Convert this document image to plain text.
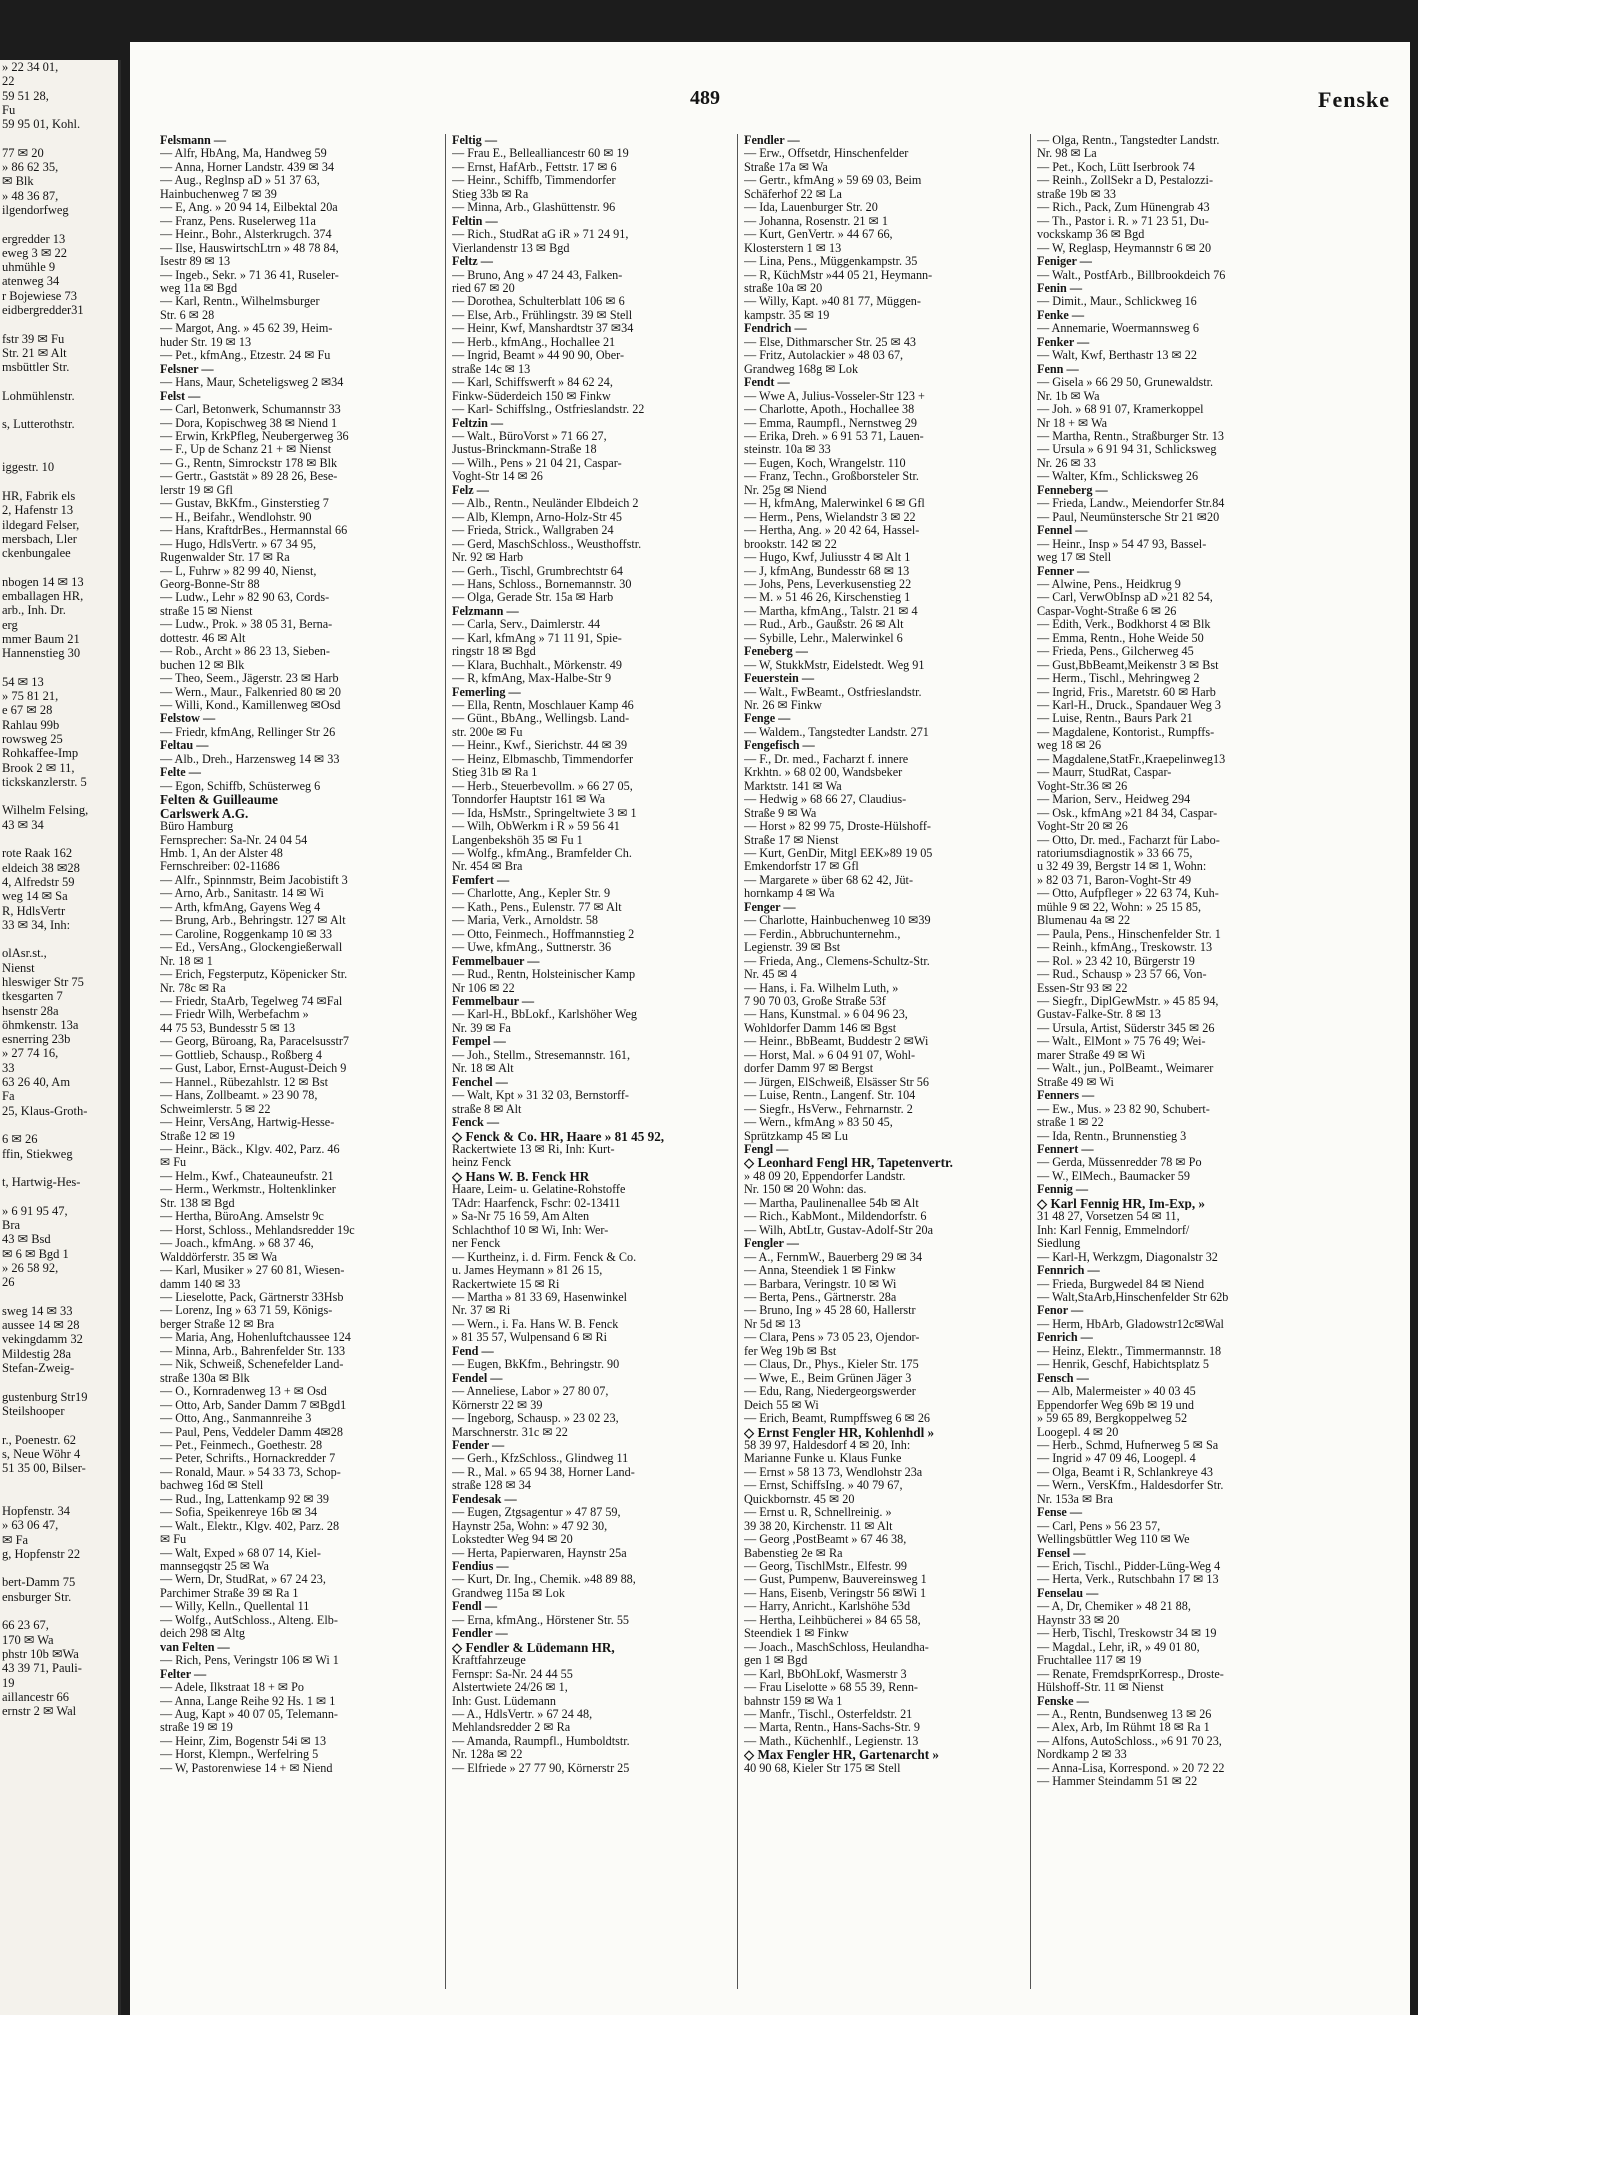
» 22 34 01,
22
59 51 28,
Fu
59 95 01, Kohl.

77 ✉ 20
» 86 62 35,
✉ Blk
» 48 36 87,
ilgendorfweg

ergredder 13
eweg 3 ✉ 22
uhmühle 9
atenweg 34
r Bojewiese 73
eidbergredder31

fstr 39 ✉ Fu
Str. 21 ✉ Alt
msbüttler Str.

Lohmühlenstr.

s, Lutterothstr.

iggestr. 10

HR, Fabrik els
2, Hafenstr 13
ildegard Felser,
mersbach, Ller
ckenbungalee

nbogen 14 ✉ 13
emballagen HR,
arb., Inh. Dr.
erg
mmer Baum 21
Hannenstieg 30

54 ✉ 13
» 75 81 21,
e 67 ✉ 28
Rahlau 99b
rowsweg 25
Rohkaffee-Imp
Brook 2 ✉ 11,
tickskanzlerstr. 5

Wilhelm Felsing,
43 ✉ 34

rote Raak 162
eldeich 38 ✉28
4, Alfredstr 59
weg 14 ✉ Sa
R, HdlsVertr
33 ✉ 34, Inh:

olAsr.st.,
Nienst
hleswiger Str 75
tkesgarten 7
hsenstr 28a
öhmkenstr. 13a
esnerring 23b
» 27 74 16,
33
63 26 40, Am
Fa
25, Klaus-Groth-

6 ✉ 26
ffin, Stiekweg

t, Hartwig-Hes-

» 6 91 95 47,
Bra
43 ✉ Bsd
✉ 6 ✉ Bgd 1
» 26 58 92,
26

sweg 14 ✉ 33
aussee 14 ✉ 28
vekingdamm 32
Mildestig 28a
Stefan-Zweig-

gustenburg Str19
Steilshooper

r., Poenestr. 62
s, Neue Wöhr 4
51 35 00, Bilser-

Hopfenstr. 34
» 63 06 47,
✉ Fa
g, Hopfenstr 22

bert-Damm 75
ensburger Str.

66 23 67,
170 ✉ Wa
phstr 10b ✉Wa
43 39 71, Pauli-
19
aillancestr 66
ernstr 2 ✉ Wal
489	Fenske
Felsmann —
— Alfr, HbAng, Ma, Handweg 59
— Anna, Horner Landstr. 439 ✉ 34
— Aug., Reglnsp aD » 51 37 63,
Hainbuchenweg 7 ✉ 39
— E, Ang. » 20 94 14, Eilbektal 20a
— Franz, Pens. Ruselerweg 11a
— Heinr., Bohr., Alsterkrugch. 374
— Ilse, HauswirtschLtrn » 48 78 84,
Isestr 89 ✉ 13
— Ingeb., Sekr. » 71 36 41, Ruseler-
weg 11a ✉ Bgd
— Karl, Rentn., Wilhelmsburger
Str. 6 ✉ 28
— Margot, Ang. » 45 62 39, Heim-
huder Str. 19 ✉ 13
— Pet., kfmAng., Etzestr. 24 ✉ Fu
Felsner —
— Hans, Maur, Scheteligsweg 2 ✉34
Felst —
— Carl, Betonwerk, Schumannstr 33
— Dora, Kopischweg 38 ✉ Niend 1
— Erwin, KrkPfleg, Neubergerweg 36
— F., Up de Schanz 21 + ✉ Nienst
— G., Rentn, Simrockstr 178 ✉ Blk
— Gertr., Gaststät » 89 28 26, Bese-
lerstr 19 ✉ Gfl
— Gustav, BkKfm., Ginsterstieg 7
— H., Beifahr., Wendlohstr. 90
— Hans, KraftdrBes., Hermannstal 66
— Hugo, HdlsVertr. » 67 34 95,
Rugenwalder Str. 17 ✉ Ra
— L, Fuhrw » 82 99 40, Nienst,
Georg-Bonne-Str 88
— Ludw., Lehr » 82 90 63, Cords-
straße 15 ✉ Nienst
— Ludw., Prok. » 38 05 31, Berna-
dottestr. 46 ✉ Alt
— Rob., Archt » 86 23 13, Sieben-
buchen 12 ✉ Blk
— Theo, Seem., Jägerstr. 23 ✉ Harb
— Wern., Maur., Falkenried 80 ✉ 20
— Willi, Kond., Kamillenweg ✉Osd
Felstow —
— Friedr, kfmAng, Rellinger Str 26
Feltau —
— Alb., Dreh., Harzensweg 14 ✉ 33
Felte —
— Egon, Schiffb, Schüsterweg 6
Felten & Guilleaume
Carlswerk A.G.
Büro Hamburg
Fernsprecher: Sa-Nr. 24 04 54
Hmb. 1, An der Alster 48
Fernschreiber: 02-11686
— Alfr., Spinnmstr, Beim Jacobistift 3
— Arno, Arb., Sanitastr. 14 ✉ Wi
— Arth, kfmAng, Gayens Weg 4
— Brung, Arb., Behringstr. 127 ✉ Alt
— Caroline, Roggenkamp 10 ✉ 33
— Ed., VersAng., Glockengießerwall
Nr. 18 ✉ 1
— Erich, Fegsterputz, Köpenicker Str.
Nr. 78c ✉ Ra
— Friedr, StaArb, Tegelweg 74 ✉Fal
— Friedr Wilh, Werbefachm »
44 75 53, Bundesstr 5 ✉ 13
— Georg, Büroang, Ra, Paracelsusstr7
— Gottlieb, Schausp., Roßberg 4
— Gust, Labor, Ernst-August-Deich 9
— Hannel., Rübezahlstr. 12 ✉ Bst
— Hans, Zollbeamt. » 23 90 78,
Schweimlerstr. 5 ✉ 22
— Heinr, VersAng, Hartwig-Hesse-
Straße 12 ✉ 19
— Heinr., Bäck., Klgv. 402, Parz. 46
✉ Fu
— Helm., Kwf., Chateauneufstr. 21
— Herm., Werkmstr., Holtenklinker
Str. 138 ✉ Bgd
— Hertha, BüroAng. Amselstr 9c
— Horst, Schloss., Mehlandsredder 19c
— Joach., kfmAng. » 68 37 46,
Walddörferstr. 35 ✉ Wa
— Karl, Musiker » 27 60 81, Wiesen-
damm 140 ✉ 33
— Lieselotte, Pack, Gärtnerstr 33Hsb
— Lorenz, Ing » 63 71 59, Königs-
berger Straße 12 ✉ Bra
— Maria, Ang, Hohenluftchaussee 124
— Minna, Arb., Bahrenfelder Str. 133
— Nik, Schweiß, Schenefelder Land-
straße 130a ✉ Blk
— O., Kornradenweg 13 + ✉ Osd
— Otto, Arb, Sander Damm 7 ✉Bgd1
— Otto, Ang., Sanmannreihe 3
— Paul, Pens, Veddeler Damm 4✉28
— Pet., Feinmech., Goethestr. 28
— Peter, Schrifts., Hornackredder 7
— Ronald, Maur. » 54 33 73, Schop-
bachweg 16d ✉ Stell
— Rud., Ing, Lattenkamp 92 ✉ 39
— Sofia, Speikenreye 16b ✉ 34
— Walt., Elektr., Klgv. 402, Parz. 28
✉ Fu
— Walt, Exped » 68 07 14, Kiel-
mannsegqstr 25 ✉ Wa
— Wern, Dr, StudRat, » 67 24 23,
Parchimer Straße 39 ✉ Ra 1
— Willy, Kelln., Quellental 11
— Wolfg., AutSchloss., Alteng. Elb-
deich 298 ✉ Altg
van Felten —
— Rich, Pens, Veringstr 106 ✉ Wi 1
Felter —
— Adele, Ilkstraat 18 + ✉ Po
— Anna, Lange Reihe 92 Hs. 1 ✉ 1
— Aug, Kapt » 40 07 05, Telemann-
straße 19 ✉ 19
— Heinr, Zim, Bogenstr 54i ✉ 13
— Horst, Klempn., Werfelring 5
— W, Pastorenwiese 14 + ✉ Niend
Feltig —
— Frau E., Bellealliancestr 60 ✉ 19
— Ernst, HafArb., Fettstr. 17 ✉ 6
— Heinr., Schiffb, Timmendorfer
Stieg 33b ✉ Ra
— Minna, Arb., Glashüttenstr. 96
Feltin —
— Rich., StudRat aG iR » 71 24 91,
Vierlandenstr 13 ✉ Bgd
Feltz —
— Bruno, Ang » 47 24 43, Falken-
ried 67 ✉ 20
— Dorothea, Schulterblatt 106 ✉ 6
— Else, Arb., Frühlingstr. 39 ✉ Stell
— Heinr, Kwf, Manshardtstr 37 ✉34
— Herb., kfmAng., Hochallee 21
— Ingrid, Beamt » 44 90 90, Ober-
straße 14c ✉ 13
— Karl, Schiffswerft » 84 62 24,
Finkw-Süderdeich 150 ✉ Finkw
— Karl- Schiffslng., Ostfrieslandstr. 22
Feltzin —
— Walt., BüroVorst » 71 66 27,
Justus-Brinckmann-Straße 18
— Wilh., Pens » 21 04 21, Caspar-
Voght-Str 14 ✉ 26
Felz —
— Alb., Rentn., Neuländer Elbdeich 2
— Alb, Klempn, Arno-Holz-Str 45
— Frieda, Strick., Wallgraben 24
— Gerd, MaschSchloss., Weusthoffstr.
Nr. 92 ✉ Harb
— Gerh., Tischl, Grumbrechtstr 64
— Hans, Schloss., Bornemannstr. 30
— Olga, Gerade Str. 15a ✉ Harb
Felzmann —
— Carla, Serv., Daimlerstr. 44
— Karl, kfmAng » 71 11 91, Spie-
ringstr 18 ✉ Bgd
— Klara, Buchhalt., Mörkenstr. 49
— R, kfmAng, Max-Halbe-Str 9
Femerling —
— Ella, Rentn, Moschlauer Kamp 46
— Günt., BbAng., Wellingsb. Land-
str. 200e ✉ Fu
— Heinr., Kwf., Sierichstr. 44 ✉ 39
— Heinz, Elbmaschb, Timmendorfer
Stieg 31b ✉ Ra 1
— Herb., Steuerbevollm. » 66 27 05,
Tonndorfer Hauptstr 161 ✉ Wa
— Ida, HsMstr., Springeltwiete 3 ✉ 1
— Wilh, ObWerkm i R » 59 56 41
Langenbekshöh 35 ✉ Fu 1
— Wolfg., kfmAng., Bramfelder Ch.
Nr. 454 ✉ Bra
Femfert —
— Charlotte, Ang., Kepler Str. 9
— Kath., Pens., Eulenstr. 77 ✉ Alt
— Maria, Verk., Arnoldstr. 58
— Otto, Feinmech., Hoffmannstieg 2
— Uwe, kfmAng., Suttnerstr. 36
Femmelbauer —
— Rud., Rentn, Holsteinischer Kamp
Nr 106 ✉ 22
Femmelbaur —
— Karl-H., BbLokf., Karlshöher Weg
Nr. 39 ✉ Fa
Fempel —
— Joh., Stellm., Stresemannstr. 161,
Nr. 18 ✉ Alt
Fenchel —
— Walt, Kpt » 31 32 03, Bernstorff-
straße 8 ✉ Alt
Fenck —
◇ Fenck & Co. HR, Haare » 81 45 92,
Rackertwiete 13 ✉ Ri, Inh: Kurt-
heinz Fenck
◇ Hans W. B. Fenck HR
Haare, Leim- u. Gelatine-Rohstoffe
TAdr: Haarfenck, Fschr: 02-13411
» Sa-Nr 75 16 59, Am Alten
Schlachthof 10 ✉ Wi, Inh: Wer-
ner Fenck
— Kurtheinz, i. d. Firm. Fenck & Co.
u. James Heymann » 81 26 15,
Rackertwiete 15 ✉ Ri
— Martha » 81 33 69, Hasenwinkel
Nr. 37 ✉ Ri
— Wern., i. Fa. Hans W. B. Fenck
» 81 35 57, Wulpensand 6 ✉ Ri
Fend —
— Eugen, BkKfm., Behringstr. 90
Fendel —
— Anneliese, Labor » 27 80 07,
Körnerstr 22 ✉ 39
— Ingeborg, Schausp. » 23 02 23,
Marschnerstr. 31c ✉ 22
Fender —
— Gerh., KfzSchloss., Glindweg 11
— R., Mal. » 65 94 38, Horner Land-
straße 128 ✉ 34
Fendesak —
— Eugen, Ztgsagentur » 47 87 59,
Haynstr 25a, Wohn: » 47 92 30,
Lokstedter Weg 94 ✉ 20
— Herta, Papierwaren, Haynstr 25a
Fendius —
— Kurt, Dr. Ing., Chemik. »48 89 88,
Grandweg 115a ✉ Lok
Fendl —
— Erna, kfmAng., Hörstener Str. 55
Fendler —
◇ Fendler & Lüdemann HR,
Kraftfahrzeuge
Fernspr: Sa-Nr. 24 44 55
Alstertwiete 24/26 ✉ 1,
Inh: Gust. Lüdemann
— A., HdlsVertr. » 67 24 48,
Mehlandsredder 2 ✉ Ra
— Amanda, Raumpfl., Humboldtstr.
Nr. 128a ✉ 22
— Elfriede » 27 77 90, Körnerstr 25
Fendler —
— Erw., Offsetdr, Hinschenfelder
Straße 17a ✉ Wa
— Gertr., kfmAng » 59 69 03, Beim
Schäferhof 22 ✉ La
— Ida, Lauenburger Str. 20
— Johanna, Rosenstr. 21 ✉ 1
— Kurt, GenVertr. » 44 67 66,
Klosterstern 1 ✉ 13
— Lina, Pens., Müggenkampstr. 35
— R, KüchMstr »44 05 21, Heymann-
straße 10a ✉ 20
— Willy, Kapt. »40 81 77, Müggen-
kampstr. 35 ✉ 19
Fendrich —
— Else, Dithmarscher Str. 25 ✉ 43
— Fritz, Autolackier » 48 03 67,
Grandweg 168g ✉ Lok
Fendt —
— Wwe A, Julius-Vosseler-Str 123 +
— Charlotte, Apoth., Hochallee 38
— Emma, Raumpfl., Nernstweg 29
— Erika, Dreh. » 6 91 53 71, Lauen-
steinstr. 10a ✉ 33
— Eugen, Koch, Wrangelstr. 110
— Franz, Techn., Großborsteler Str.
Nr. 25g ✉ Niend
— H, kfmAng, Malerwinkel 6 ✉ Gfl
— Herm., Pens, Wielandstr 3 ✉ 22
— Hertha, Ang. » 20 42 64, Hassel-
brookstr. 142 ✉ 22
— Hugo, Kwf, Juliusstr 4 ✉ Alt 1
— J, kfmAng, Bundesstr 68 ✉ 13
— Johs, Pens, Leverkusenstieg 22
— M. » 51 46 26, Kirschenstieg 1
— Martha, kfmAng., Talstr. 21 ✉ 4
— Rud., Arb., Gaußstr. 26 ✉ Alt
— Sybille, Lehr., Malerwinkel 6
Feneberg —
— W, StukkMstr, Eidelstedt. Weg 91
Feuerstein —
— Walt., FwBeamt., Ostfrieslandstr.
Nr. 26 ✉ Finkw
Fenge —
— Waldem., Tangstedter Landstr. 271
Fengefisch —
— F., Dr. med., Facharzt f. innere
Krkhtn. » 68 02 00, Wandsbeker
Marktstr. 141 ✉ Wa
— Hedwig » 68 66 27, Claudius-
Straße 9 ✉ Wa
— Horst » 82 99 75, Droste-Hülshoff-
Straße 17 ✉ Nienst
— Kurt, GenDir, Mitgl EEK»89 19 05
Emkendorfstr 17 ✉ Gfl
— Margarete » über 68 62 42, Jüt-
hornkamp 4 ✉ Wa
Fenger —
— Charlotte, Hainbuchenweg 10 ✉39
— Ferdin., Abbruchunternehm.,
Legienstr. 39 ✉ Bst
— Frieda, Ang., Clemens-Schultz-Str.
Nr. 45 ✉ 4
— Hans, i. Fa. Wilhelm Luth, »
7 90 70 03, Große Straße 53f
— Hans, Kunstmal. » 6 04 96 23,
Wohldorfer Damm 146 ✉ Bgst
— Heinr., BbBeamt, Buddestr 2 ✉Wi
— Horst, Mal. » 6 04 91 07, Wohl-
dorfer Damm 97 ✉ Bergst
— Jürgen, ElSchweiß, Elsässer Str 56
— Luise, Rentn., Langenf. Str. 104
— Siegfr., HsVerw., Fehrnarnstr. 2
— Wern., kfmAng » 83 50 45,
Sprützkamp 45 ✉ Lu
Fengl —
◇ Leonhard Fengl HR, Tapetenvertr.
» 48 09 20, Eppendorfer Landstr.
Nr. 150 ✉ 20 Wohn: das.
— Martha, Paulinenallee 54b ✉ Alt
— Rich., KabMont., Mildendorfstr. 6
— Wilh, AbtLtr, Gustav-Adolf-Str 20a
Fengler —
— A., FernmW., Bauerberg 29 ✉ 34
— Anna, Steendiek 1 ✉ Finkw
— Barbara, Veringstr. 10 ✉ Wi
— Berta, Pens., Gärtnerstr. 28a
— Bruno, Ing » 45 28 60, Hallerstr
Nr 5d ✉ 13
— Clara, Pens » 73 05 23, Ojendor-
fer Weg 19b ✉ Bst
— Claus, Dr., Phys., Kieler Str. 175
— Wwe, E., Beim Grünen Jäger 3
— Edu, Rang, Niedergeorgswerder
Deich 55 ✉ Wi
— Erich, Beamt, Rumpffsweg 6 ✉ 26
◇ Ernst Fengler HR, Kohlenhdl »
58 39 97, Haldesdorf 4 ✉ 20, Inh:
Marianne Funke u. Klaus Funke
— Ernst » 58 13 73, Wendlohstr 23a
— Ernst, SchiffsIng. » 40 79 67,
Quickbornstr. 45 ✉ 20
— Ernst u. R, Schnellreinig. »
39 38 20, Kirchenstr. 11 ✉ Alt
— Georg ,PostBeamt » 67 46 38,
Babenstieg 2e ✉ Ra
— Georg, TischlMstr., Elfestr. 99
— Gust, Pumpenw, Bauvereinsweg 1
— Hans, Eisenb, Veringstr 56 ✉Wi 1
— Harry, Anricht., Karlshöhe 53d
— Hertha, Leihbücherei » 84 65 58,
Steendiek 1 ✉ Finkw
— Joach., MaschSchloss, Heulandha-
gen 1 ✉ Bgd
— Karl, BbOhLokf, Wasmerstr 3
— Frau Liselotte » 68 55 39, Renn-
bahnstr 159 ✉ Wa 1
— Manfr., Tischl., Osterfeldstr. 21
— Marta, Rentn., Hans-Sachs-Str. 9
— Math., Küchenhlf., Legienstr. 13
◇ Max Fengler HR, Gartenarcht »
40 90 68, Kieler Str 175 ✉ Stell
— Olga, Rentn., Tangstedter Landstr.
Nr. 98 ✉ La
— Pet., Koch, Lütt Iserbrook 74
— Reinh., ZollSekr a D, Pestalozzi-
straße 19b ✉ 33
— Rich., Pack, Zum Hünengrab 43
— Th., Pastor i. R. » 71 23 51, Du-
vockskamp 36 ✉ Bgd
— W, Reglasp, Heymannstr 6 ✉ 20
Feniger —
— Walt., PostfArb., Billbrookdeich 76
Fenin —
— Dimit., Maur., Schlickweg 16
Fenke —
— Annemarie, Woermannsweg 6
Fenker —
— Walt, Kwf, Berthastr 13 ✉ 22
Fenn —
— Gisela » 66 29 50, Grunewaldstr.
Nr. 1b ✉ Wa
— Joh. » 68 91 07, Kramerkoppel
Nr 18 + ✉ Wa
— Martha, Rentn., Straßburger Str. 13
— Ursula » 6 91 94 31, Schlicksweg
Nr. 26 ✉ 33
— Walter, Kfm., Schlicksweg 26
Fenneberg —
— Frieda, Landw., Meiendorfer Str.84
— Paul, Neumünstersche Str 21 ✉20
Fennel —
— Heinr., Insp » 54 47 93, Bassel-
weg 17 ✉ Stell
Fenner —
— Alwine, Pens., Heidkrug 9
— Carl, VerwObInsp aD »21 82 54,
Caspar-Voght-Straße 6 ✉ 26
— Edith, Verk., Bodkhorst 4 ✉ Blk
— Emma, Rentn., Hohe Weide 50
— Frieda, Pens., Gilcherweg 45
— Gust,BbBeamt,Meikenstr 3 ✉ Bst
— Herm., Tischl., Mehringweg 2
— Ingrid, Fris., Maretstr. 60 ✉ Harb
— Karl-H., Druck., Spandauer Weg 3
— Luise, Rentn., Baurs Park 21
— Magdalene, Kontorist., Rumpffs-
weg 18 ✉ 26
— Magdalene,StatFr.,Kraepelinweg13
— Maurr, StudRat, Caspar-
Voght-Str.36 ✉ 26
— Marion, Serv., Heidweg 294
— Osk., kfmAng »21 84 34, Caspar-
Voght-Str 20 ✉ 26
— Otto, Dr. med., Facharzt für Labo-
ratoriumsdiagnostik » 33 66 75,
u 32 49 39, Bergstr 14 ✉ 1, Wohn:
» 82 03 71, Baron-Voght-Str 49
— Otto, Aufpfleger » 22 63 74, Kuh-
mühle 9 ✉ 22, Wohn: » 25 15 85,
Blumenau 4a ✉ 22
— Paula, Pens., Hinschenfelder Str. 1
— Reinh., kfmAng., Treskowstr. 13
— Rol. » 23 42 10, Bürgerstr 19
— Rud., Schausp » 23 57 66, Von-
Essen-Str 93 ✉ 22
— Siegfr., DiplGewMstr. » 45 85 94,
Gustav-Falke-Str. 8 ✉ 13
— Ursula, Artist, Süderstr 345 ✉ 26
— Walt., ElMont » 75 76 49; Wei-
marer Straße 49 ✉ Wi
— Walt., jun., PolBeamt., Weimarer
Straße 49 ✉ Wi
Fenners —
— Ew., Mus. » 23 82 90, Schubert-
straße 1 ✉ 22
— Ida, Rentn., Brunnenstieg 3
Fennert —
— Gerda, Müssenredder 78 ✉ Po
— W., ElMech., Baumacker 59
Fennig —
◇ Karl Fennig HR, Im-Exp, »
31 48 27, Vorsetzen 54 ✉ 11,
Inh: Karl Fennig, Emmelndorf/
Siedlung
— Karl-H, Werkzgm, Diagonalstr 32
Fennrich —
— Frieda, Burgwedel 84 ✉ Niend
— Walt,StaArb,Hinschenfelder Str 62b
Fenor —
— Herm, HbArb, Gladowstr12c✉Wal
Fenrich —
— Heinz, Elektr., Timmermannstr. 18
— Henrik, Geschf, Habichtsplatz 5
Fensch —
— Alb, Malermeister » 40 03 45
Eppendorfer Weg 69b ✉ 19 und
» 59 65 89, Bergkoppelweg 52
Loogepl. 4 ✉ 20
— Herb., Schmd, Hufnerweg 5 ✉ Sa
— Ingrid » 47 09 46, Loogepl. 4
— Olga, Beamt i R, Schlankreye 43
— Wern., VersKfm., Haldesdorfer Str.
Nr. 153a ✉ Bra
Fense —
— Carl, Pens » 56 23 57,
Wellingsbüttler Weg 110 ✉ We
Fensel —
— Erich, Tischl., Pidder-Lüng-Weg 4
— Herta, Verk., Rutschbahn 17 ✉ 13
Fenselau —
— A, Dr, Chemiker » 48 21 88,
Haynstr 33 ✉ 20
— Herb, Tischl, Treskowstr 34 ✉ 19
— Magdal., Lehr, iR, » 49 01 80,
Fruchtallee 117 ✉ 19
— Renate, FremdsprKorresp., Droste-
Hülshoff-Str. 11 ✉ Nienst
Fenske —
— A., Rentn, Bundsenweg 13 ✉ 26
— Alex, Arb, Im Rühmt 18 ✉ Ra 1
— Alfons, AutoSchloss., »6 91 70 23,
Nordkamp 2 ✉ 33
— Anna-Lisa, Korrespond. » 20 72 22
— Hammer Steindamm 51 ✉ 22
